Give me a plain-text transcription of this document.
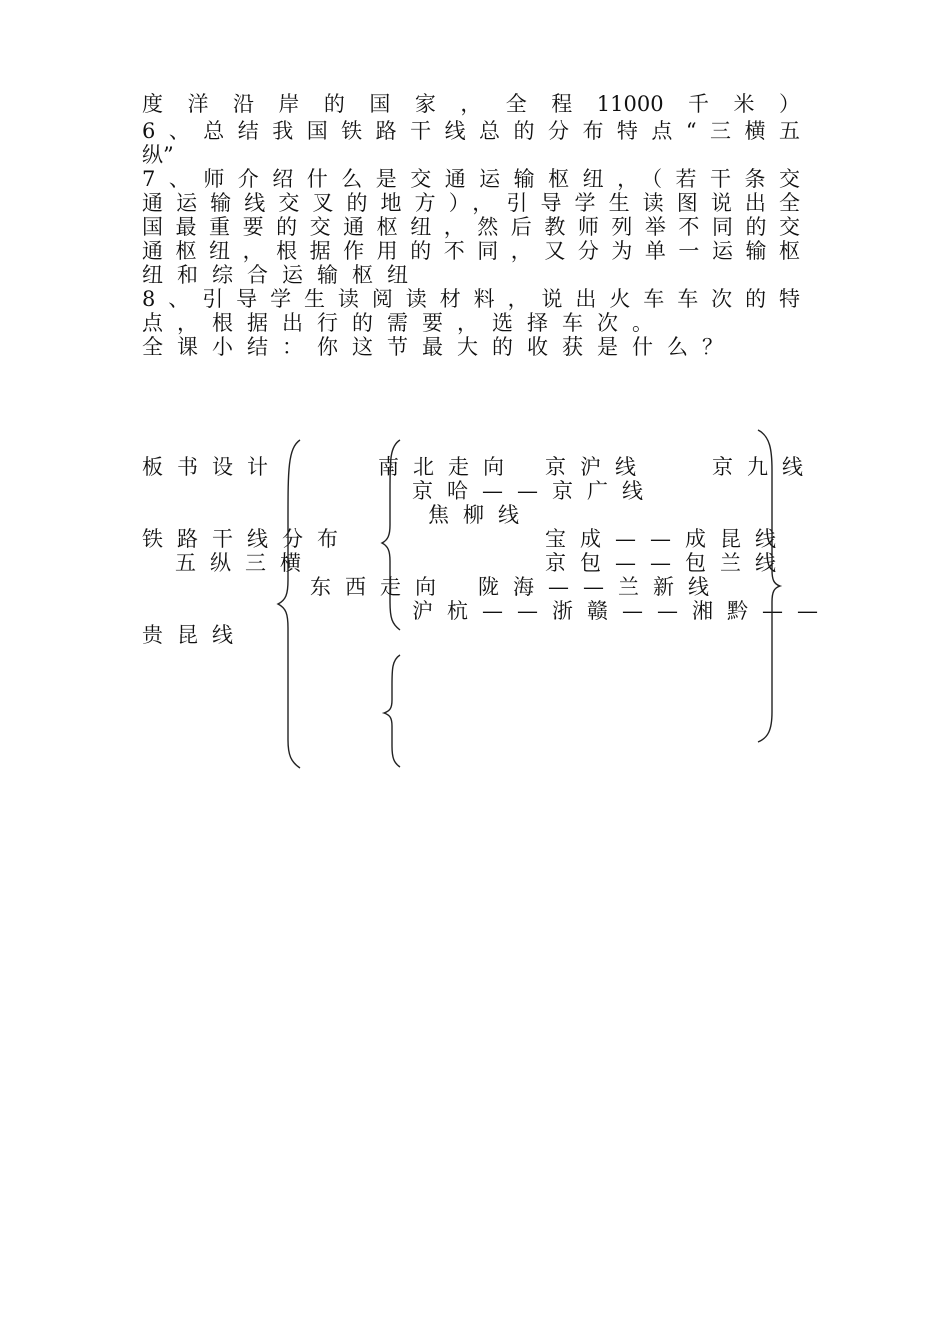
度洋沿岸的国家，全程11000千米）
6、总结我国铁路干线总的分布特点“三横五
纵”
7、师介绍什么是交通运输枢纽，（若干条交
通运输线交叉的地方），引导学生读图说出全
国最重要的交通枢纽，然后教师列举不同的交
通枢纽，根据作用的不同，又分为单一运输枢
纽和综合运输枢纽
8、引导学生读阅读材料，说出火车车次的特
点，根据出行的需要，选择车次。
全课小结：你这节最大的收获是什么？
板书设计
铁路干线分布
五纵三横
南北走向 京沪线	京九线
京哈——京广线
焦柳线
宝成——成昆线
京包——包兰线
东西走向 陇海——兰新线
沪杭——浙赣——湘黔——
贵昆线
